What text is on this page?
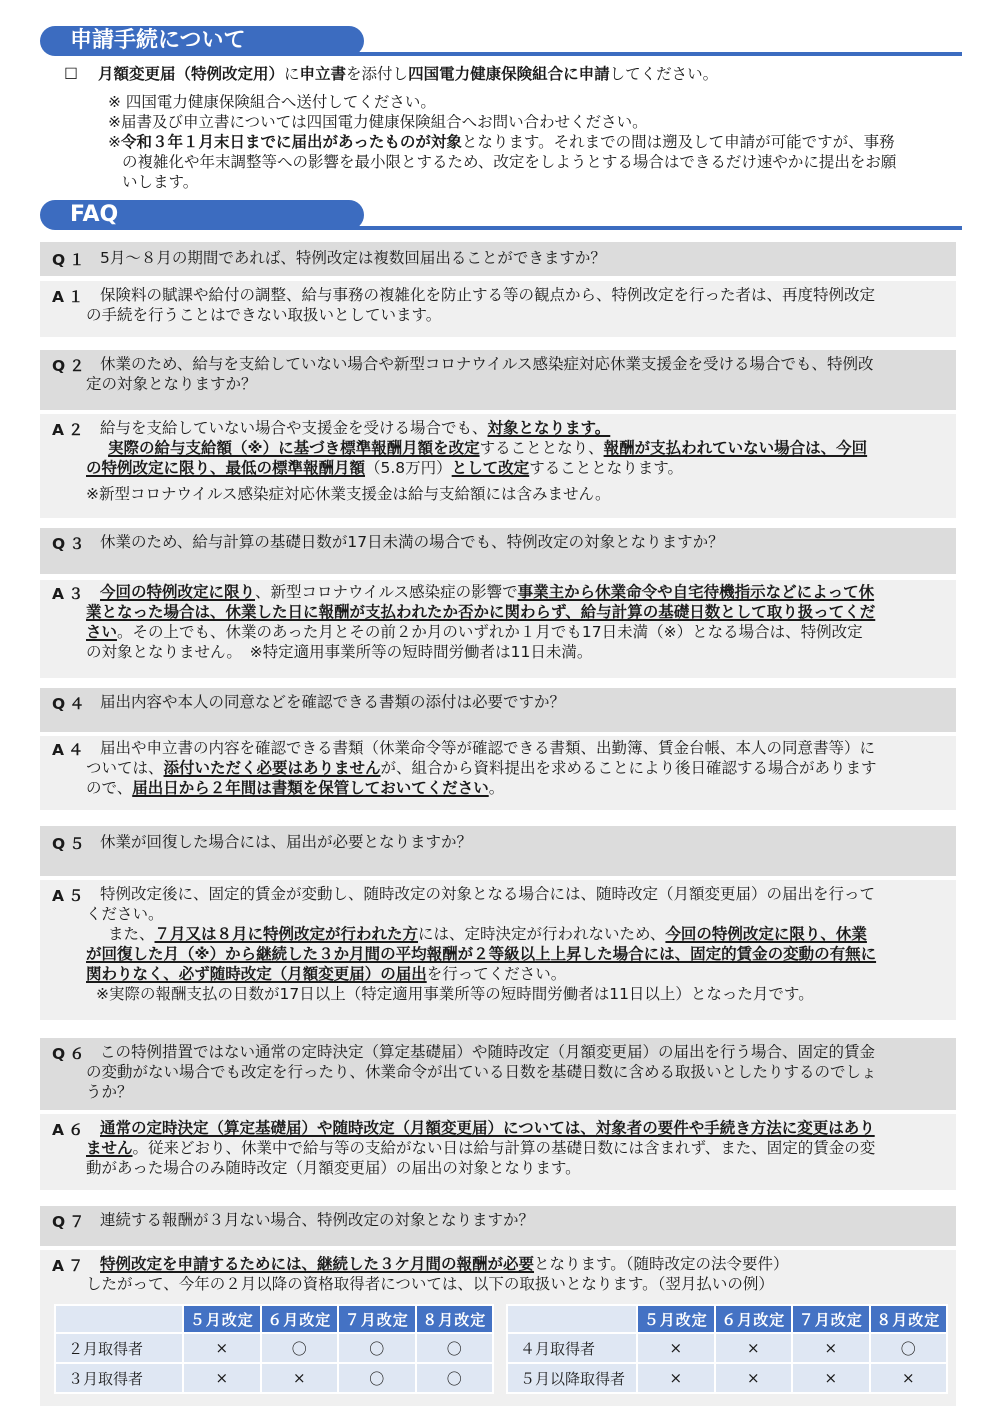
申請手続について
☐ 月額変更届（特例改定用）に申立書を添付し四国電力健康保険組合に申請してください。
※ 四国電力健康保険組合へ送付してください。
※届書及び申立書については四国電力健康保険組合へお問い合わせください。
※令和３年１月末日までに届出があったものが対象となります。それまでの間は遡及して申請が可能ですが、事務
の複雑化や年末調整等への影響を最小限とするため、改定をしようとする場合はできるだけ速やかに提出をお願
いします。
FAQ
Q１ 5月～８月の期間であれば、特例改定は複数回届出ることができますか？
A１ 保険料の賦課や給付の調整、給与事務の複雑化を防止する等の観点から、特例改定を行った者は、再度特例改定
の手続を行うことはできない取扱いとしています。
Q２ 休業のため、給与を支給していない場合や新型コロナウイルス感染症対応休業支援金を受ける場合でも、特例改
定の対象となりますか？
A２ 給与を支給していない場合や支援金を受ける場合でも、対象となります。
実際の給与支給額（※）に基づき標準報酬月額を改定することとなり、報酬が支払われていない場合は、今回
の特例改定に限り、最低の標準報酬月額（5.8万円）として改定することとなります。
※新型コロナウイルス感染症対応休業支援金は給与支給額には含みません。
Q３ 休業のため、給与計算の基礎日数が17日未満の場合でも、特例改定の対象となりますか？
A３ 今回の特例改定に限り、新型コロナウイルス感染症の影響で事業主から休業命令や自宅待機指示などによって休
業となった場合は、休業した日に報酬が支払われたか否かに関わらず、給与計算の基礎日数として取り扱ってくだ
さい。その上でも、休業のあった月とその前２か月のいずれか１月でも17日未満（※）となる場合は、特例改定
の対象となりません。　※特定適用事業所等の短時間労働者は11日未満。
Q４ 届出内容や本人の同意などを確認できる書類の添付は必要ですか？
A４ 届出や申立書の内容を確認できる書類（休業命令等が確認できる書類、出勤簿、賃金台帳、本人の同意書等）に
ついては、添付いただく必要はありませんが、組合から資料提出を求めることにより後日確認する場合があります
ので、届出日から２年間は書類を保管しておいてください。
Q５ 休業が回復した場合には、届出が必要となりますか？
A５ 特例改定後に、固定的賃金が変動し、随時改定の対象となる場合には、随時改定（月額変更届）の届出を行って
ください。
また、７月又は８月に特例改定が行われた方には、定時決定が行われないため、今回の特例改定に限り、休業
が回復した月（※）から継続した３か月間の平均報酬が２等級以上上昇した場合には、固定的賃金の変動の有無に
関わりなく、必ず随時改定（月額変更届）の届出を行ってください。
※実際の報酬支払の日数が17日以上（特定適用事業所等の短時間労働者は11日以上）となった月です。
Q６ この特例措置ではない通常の定時決定（算定基礎届）や随時改定（月額変更届）の届出を行う場合、固定的賃金
の変動がない場合でも改定を行ったり、休業命令が出ている日数を基礎日数に含める取扱いとしたりするのでしょ
うか？
A６ 通常の定時決定（算定基礎届）や随時改定（月額変更届）については、対象者の要件や手続き方法に変更はあり
ません。従来どおり、休業中で給与等の支給がない日は給与計算の基礎日数には含まれず、また、固定的賃金の変
動があった場合のみ随時改定（月額変更届）の届出の対象となります。
Q７ 連続する報酬が３月ない場合、特例改定の対象となりますか？
A７ 特例改定を申請するためには、継続した３ケ月間の報酬が必要となります。（随時改定の法令要件）
したがって、今年の２月以降の資格取得者については、以下の取扱いとなります。（翌月払いの例）
	５月改定	６月改定	７月改定	８月改定
２月取得者	×	〇	〇	〇
３月取得者	×	×	〇	〇
	５月改定	６月改定	７月改定	８月改定
４月取得者	×	×	×	〇
５月以降取得者	×	×	×	×
